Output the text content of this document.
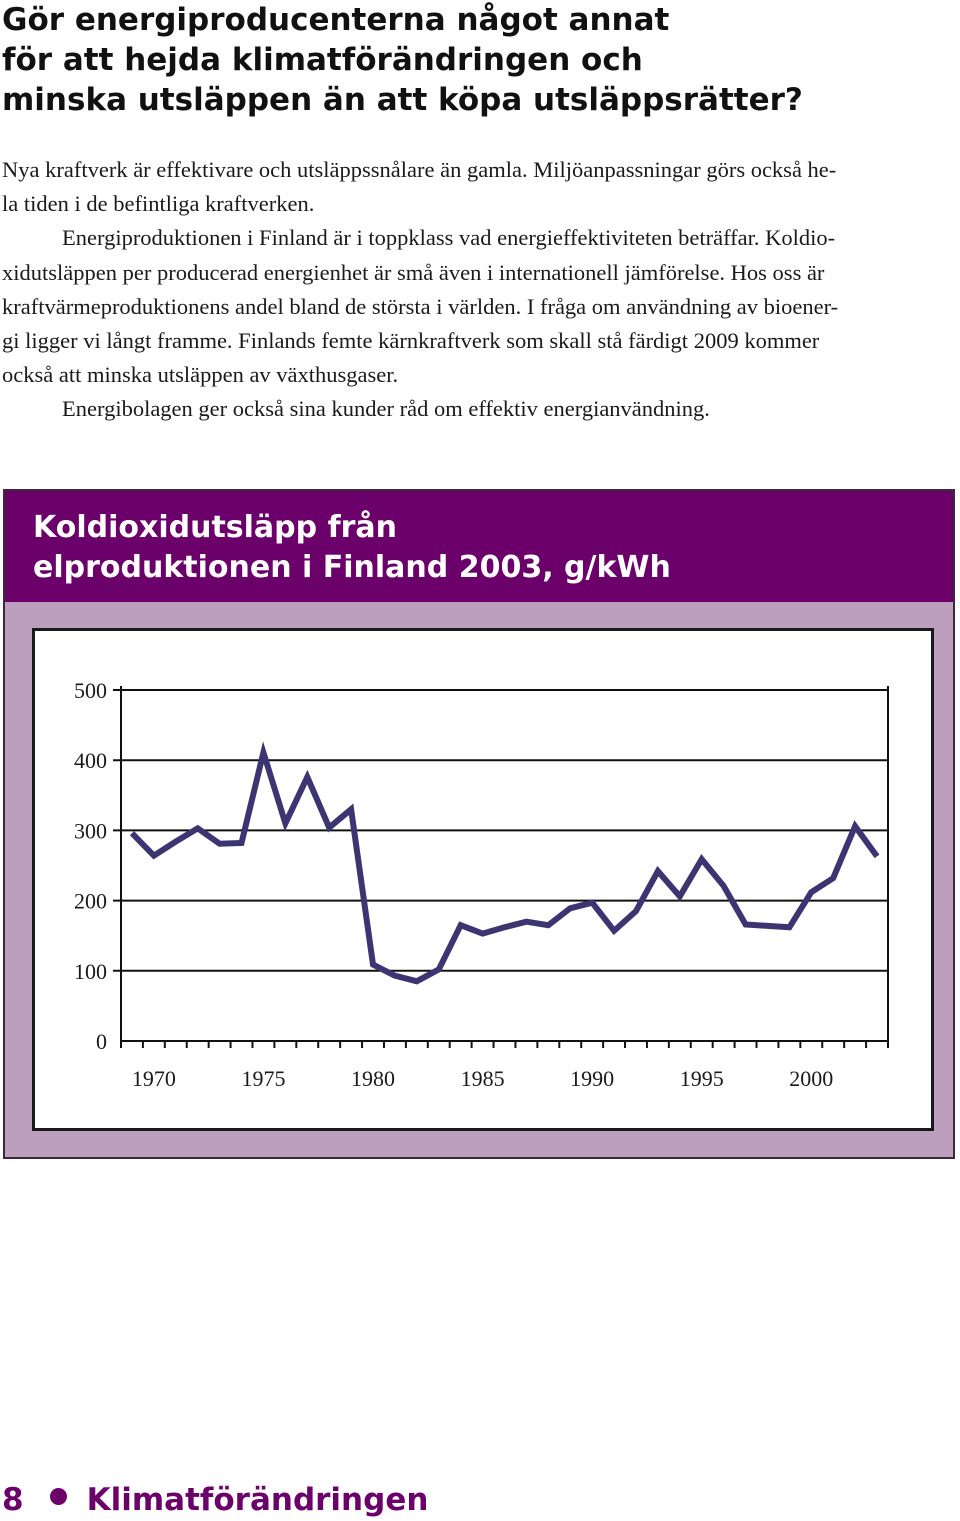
Gör energiproducenterna något annat
för att hejda klimatförändringen och
minska utsläppen än att köpa utsläppsrätter?

Nya kraftverk är effektivare och utsläppssnålare än gamla. Miljöanpassningar görs också he-
la tiden i de befintliga kraftverken.

Energiproduktionen i Finland är i toppklass vad energieffektiviteten beträffar. Koldio-
xidutsläppen per producerad energienhet är små även i internationell jämförelse. Hos oss är
kraftvärmeproduktionens andel bland de största i världen. I fråga om användning av bioener-
gi ligger vi långt framme. Finlands femte kärnkraftverk som skall stå färdigt 2009 kommer
också att minska utsläppen av växthusgaser.

Energibolagen ger också sina kunder råd om effektiv energianvändning.

Koldioxidutsläpp från
elproduktionen i Finland 2003, g/kWh
0
100
200
300
400
500
1970	1975	1980	1985	1990	1995	2000
8 Klimatförändringen
